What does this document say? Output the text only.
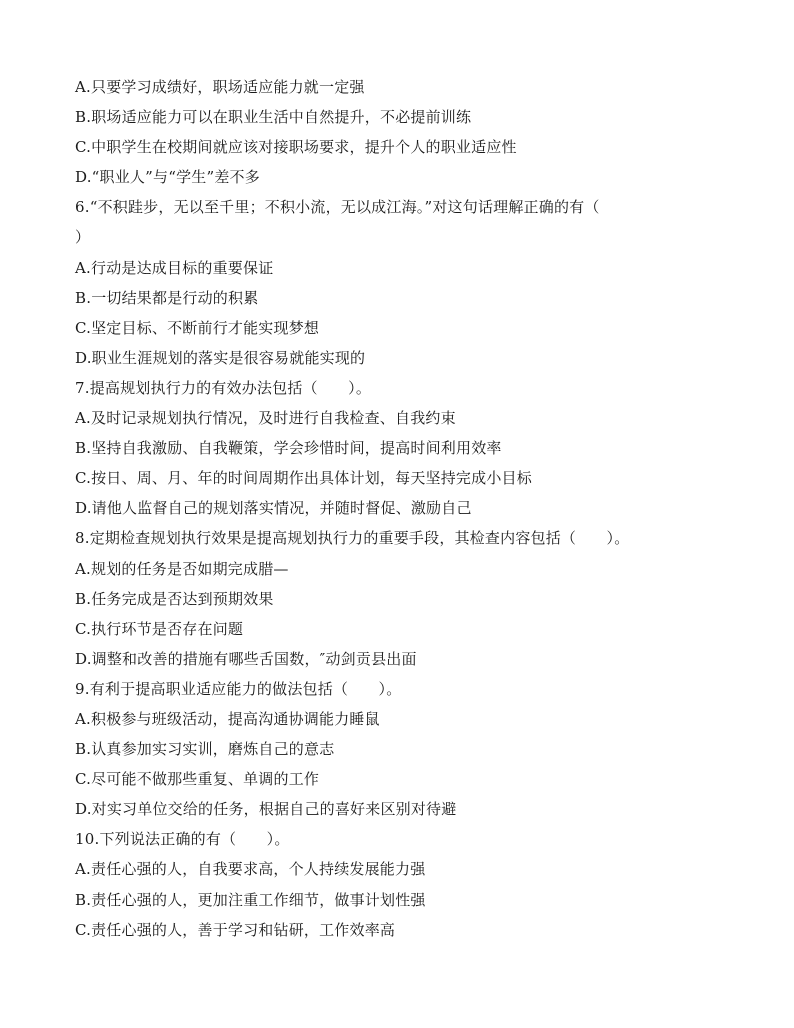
A.只要学习成绩好，职场适应能力就一定强
B.职场适应能力可以在职业生活中自然提升，不必提前训练
C.中职学生在校期间就应该对接职场要求，提升个人的职业适应性
D.“职业人”与“学生”差不多
6.“不积跬步，无以至千里；不积小流，无以成江海。”对这句话理解正确的有（
）
A.行动是达成目标的重要保证
B.一切结果都是行动的积累
C.坚定目标、不断前行才能实现梦想
D.职业生涯规划的落实是很容易就能实现的
7.提高规划执行力的有效办法包括（　　）。
A.及时记录规划执行情况，及时进行自我检查、自我约束
B.坚持自我激励、自我鞭策，学会珍惜时间，提高时间利用效率
C.按日、周、月、年的时间周期作出具体计划，每天坚持完成小目标
D.请他人监督自己的规划落实情况，并随时督促、激励自己
8.定期检查规划执行效果是提高规划执行力的重要手段，其检查内容包括（　　）。
A.规划的任务是否如期完成腊—
B.任务完成是否达到预期效果
C.执行环节是否存在问题
D.调整和改善的措施有哪些舌国数，″动剑贡县出面
9.有利于提高职业适应能力的做法包括（　　）。
A.积极参与班级活动，提高沟通协调能力睡鼠
B.认真参加实习实训，磨炼自己的意志
C.尽可能不做那些重复、单调的工作
D.对实习单位交给的任务，根据自己的喜好来区别对待避
10.下列说法正确的有（　　）。
A.责任心强的人，自我要求高，个人持续发展能力强
B.责任心强的人，更加注重工作细节，做事计划性强
C.责任心强的人，善于学习和钻研，工作效率高
